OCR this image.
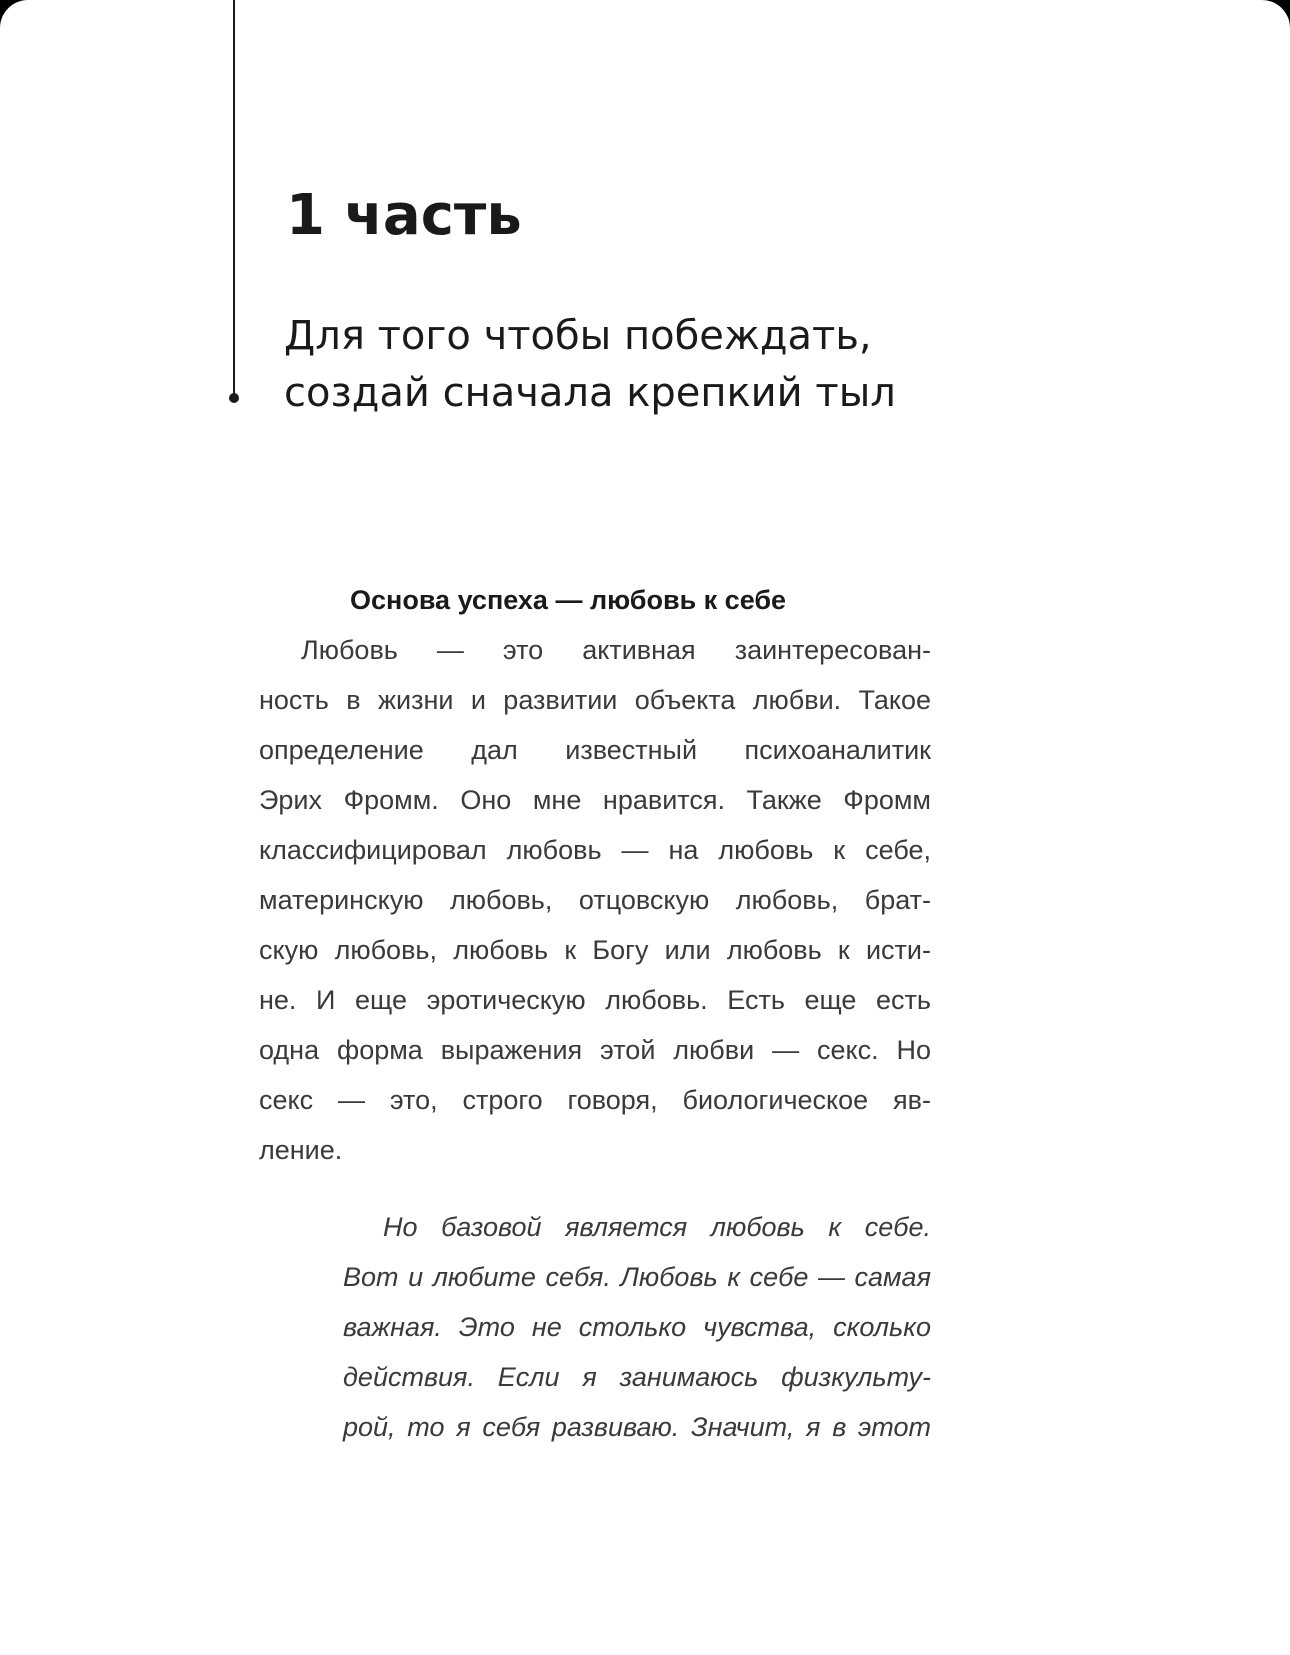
1 часть
Для того чтобы побеждать,
создай сначала крепкий тыл
Основа успеха — любовь к себе
Любовь — это активная заинтересован-
ность в жизни и развитии объекта любви. Такое
определение дал известный психоаналитик
Эрих Фромм. Оно мне нравится. Также Фромм
классифицировал любовь — на любовь к себе,
материнскую любовь, отцовскую любовь, брат-
скую любовь, любовь к Богу или любовь к исти-
не. И еще эротическую любовь. Есть еще есть
одна форма выражения этой любви — секс. Но
секс — это, строго говоря, биологическое яв-
ление.
Но базовой является любовь к себе.
Вот и любите себя. Любовь к себе — самая
важная. Это не столько чувства, сколько
действия. Если я занимаюсь физкульту-
рой, то я себя развиваю. Значит, я в этот
